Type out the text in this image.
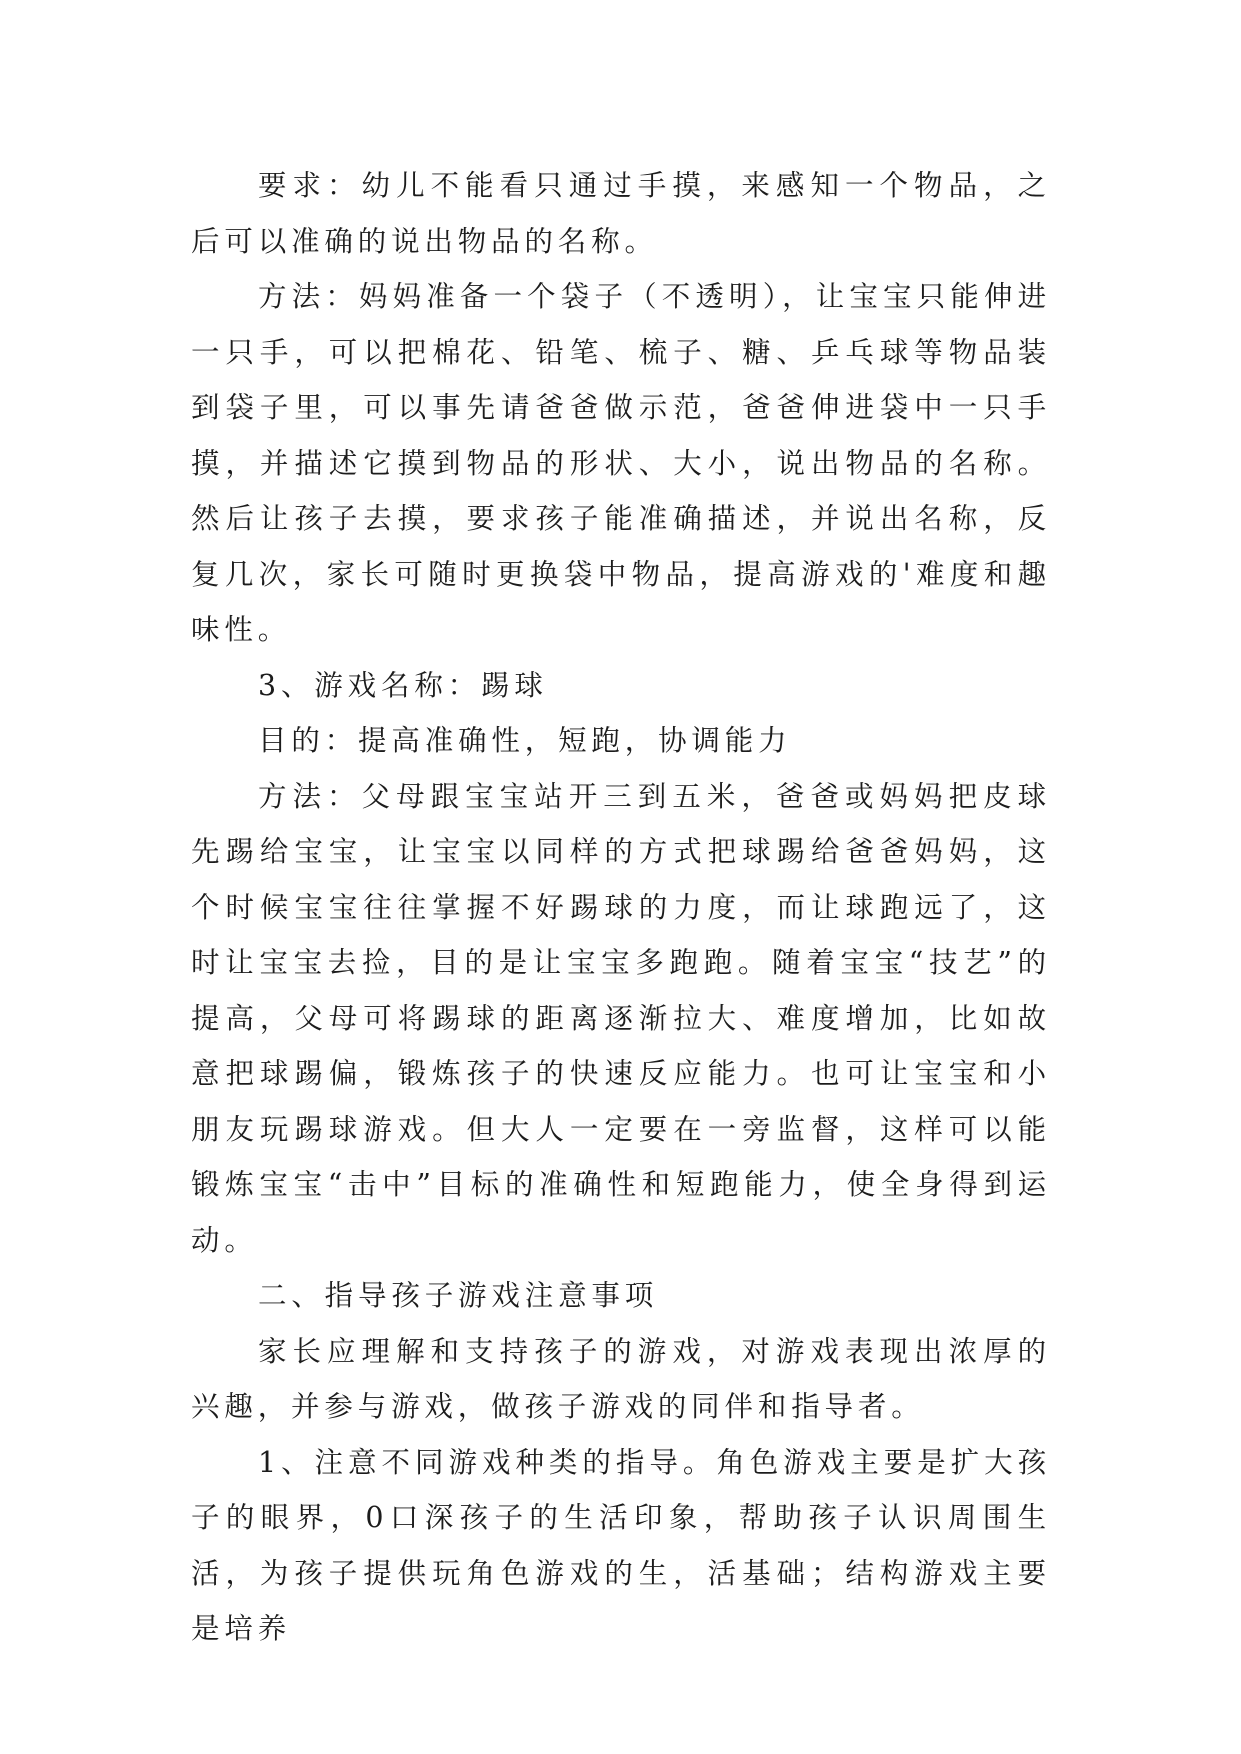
要求：幼儿不能看只通过手摸，来感知一个物品，之后可以准确的说出物品的名称。

方法：妈妈准备一个袋子（不透明），让宝宝只能伸进一只手，可以把棉花、铅笔、梳子、糖、乒乓球等物品装到袋子里，可以事先请爸爸做示范，爸爸伸进袋中一只手摸，并描述它摸到物品的形状、大小，说出物品的名称。然后让孩子去摸，要求孩子能准确描述，并说出名称，反复几次，家长可随时更换袋中物品，提高游戏的'难度和趣味性。

3、游戏名称：踢球

目的：提高准确性，短跑，协调能力

方法：父母跟宝宝站开三到五米，爸爸或妈妈把皮球先踢给宝宝，让宝宝以同样的方式把球踢给爸爸妈妈，这个时候宝宝往往掌握不好踢球的力度，而让球跑远了，这时让宝宝去捡，目的是让宝宝多跑跑。随着宝宝“技艺”的提高，父母可将踢球的距离逐渐拉大、难度增加，比如故意把球踢偏，锻炼孩子的快速反应能力。也可让宝宝和小朋友玩踢球游戏。但大人一定要在一旁监督，这样可以能锻炼宝宝“击中”目标的准确性和短跑能力，使全身得到运动。

二、指导孩子游戏注意事项

家长应理解和支持孩子的游戏，对游戏表现出浓厚的兴趣，并参与游戏，做孩子游戏的同伴和指导者。

1、注意不同游戏种类的指导。角色游戏主要是扩大孩子的眼界，0口深孩子的生活印象，帮助孩子认识周围生活，为孩子提供玩角色游戏的生，活基础；结构游戏主要是培养
